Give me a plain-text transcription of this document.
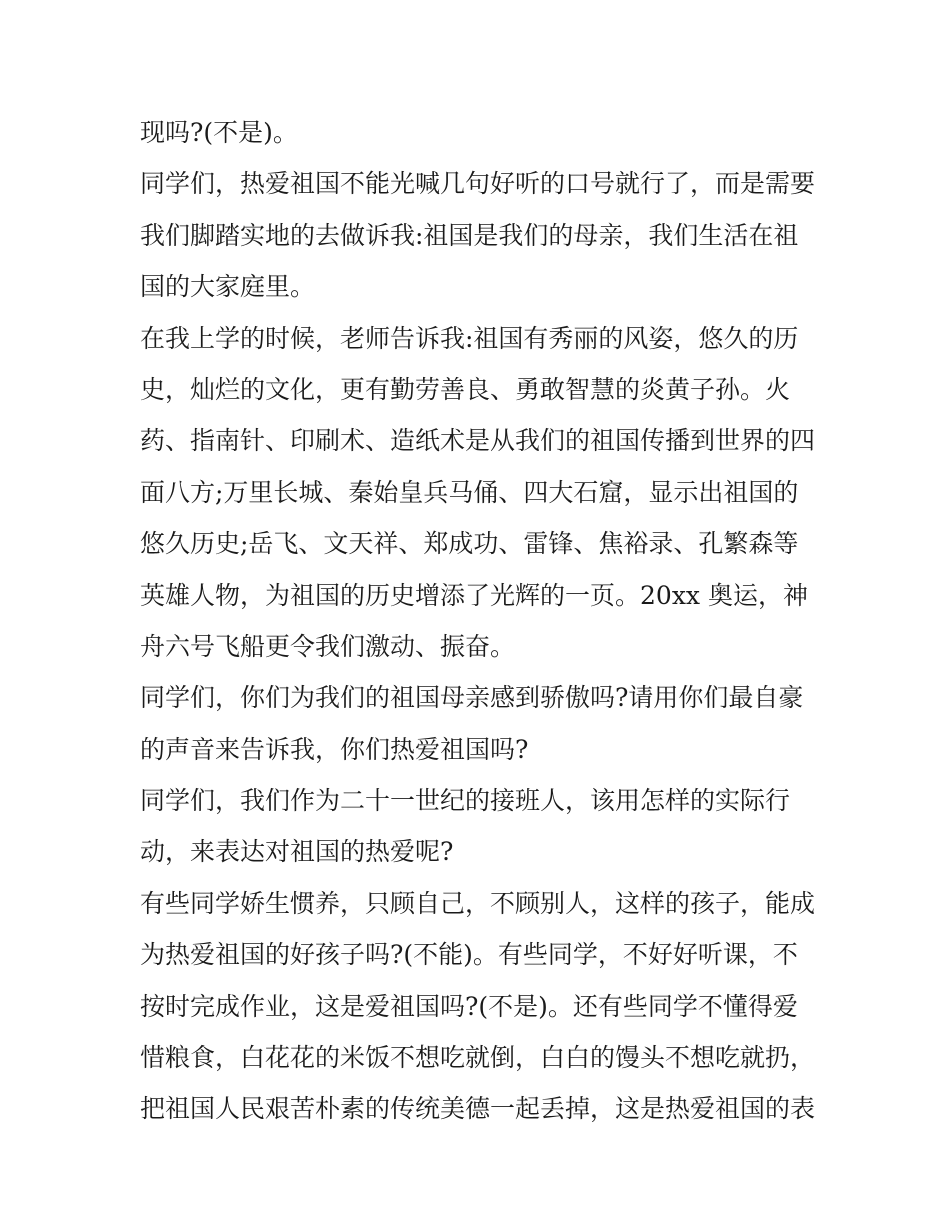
现吗?(不是)。
同学们，热爱祖国不能光喊几句好听的口号就行了，而是需要
我们脚踏实地的去做诉我:祖国是我们的母亲，我们生活在祖
国的大家庭里。
在我上学的时候，老师告诉我:祖国有秀丽的风姿，悠久的历
史，灿烂的文化，更有勤劳善良、勇敢智慧的炎黄子孙。火
药、指南针、印刷术、造纸术是从我们的祖国传播到世界的四
面八方;万里长城、秦始皇兵马俑、四大石窟，显示出祖国的
悠久历史;岳飞、文天祥、郑成功、雷锋、焦裕录、孔繁森等
英雄人物，为祖国的历史增添了光辉的一页。20xx 奥运，神
舟六号飞船更令我们激动、振奋。
同学们，你们为我们的祖国母亲感到骄傲吗?请用你们最自豪
的声音来告诉我，你们热爱祖国吗?
同学们，我们作为二十一世纪的接班人，该用怎样的实际行
动，来表达对祖国的热爱呢?
有些同学娇生惯养，只顾自己，不顾别人，这样的孩子，能成
为热爱祖国的好孩子吗?(不能)。有些同学，不好好听课，不
按时完成作业，这是爱祖国吗?(不是)。还有些同学不懂得爱
惜粮食，白花花的米饭不想吃就倒，白白的馒头不想吃就扔，
把祖国人民艰苦朴素的传统美德一起丢掉，这是热爱祖国的表
